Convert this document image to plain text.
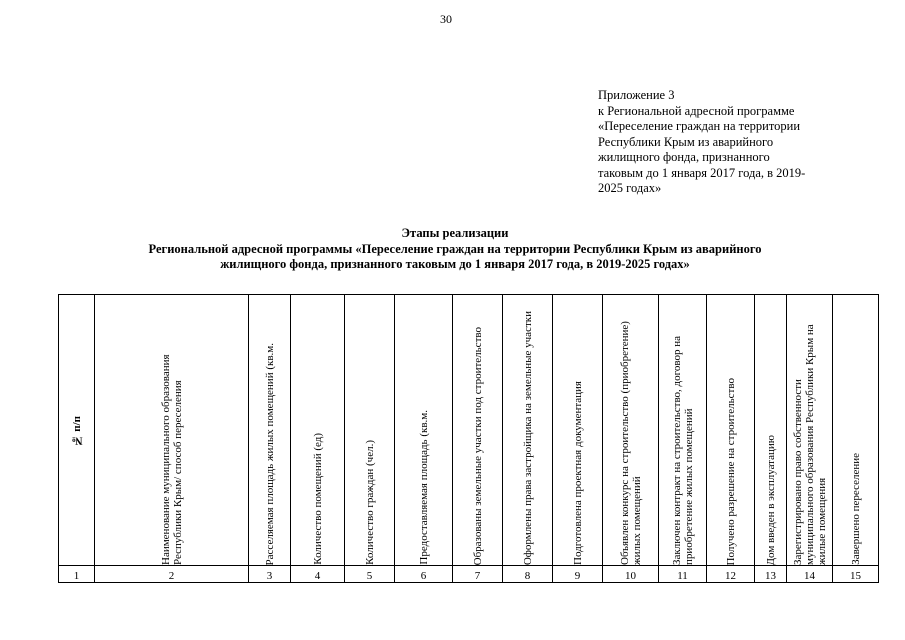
30
Приложение 3
к Региональной адресной программе
«Переселение граждан на территории
Республики Крым из аварийного
жилищного фонда, признанного
таковым до 1 января 2017 года, в 2019-
2025 годах»
Этапы реализации
Региональной адресной программы «Переселение граждан на территории Республики Крым из аварийного
жилищного фонда, признанного таковым до 1 января 2017 года, в 2019-2025 годах»
№ п/п	Наименование муниципального образования Республики Крым/ способ переселения	Расселяемая площадь жилых помещений (кв.м.	Количество помещений (ед)	Количество граждан (чел.)	Предоставляемая площадь (кв.м.	Образованы земельные участки под строительство	Оформлены права застройщика на земельные участки	Подготовлена проектная документация	Объявлен конкурс на строительство (приобретение) жилых помещений	Заключен контракт на строительство, договор на приобретение жилых помещений	Получено разрешение на строительство	Дом введен в эксплуатацию	Зарегистрировано право собственности муниципального образования Республики Крым на жилые помещения	Завершено переселение

1	2	3	4	5	6	7	8	9	10	11	12	13	14	15
